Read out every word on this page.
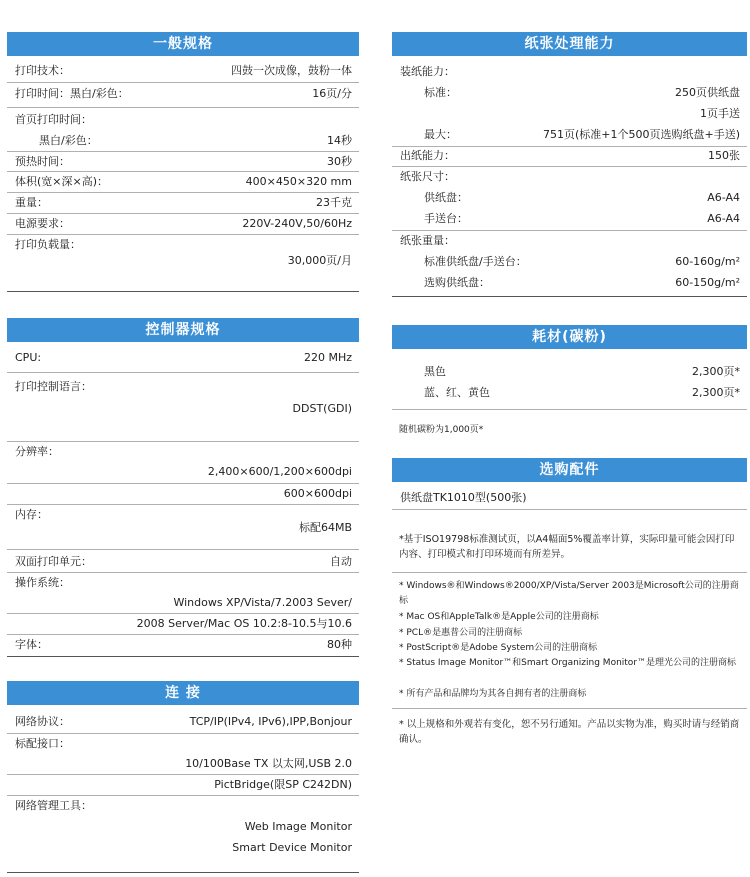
一般规格
打印技术：	四鼓一次成像，鼓粉一体
打印时间：黑白/彩色：	16页/分
首页打印时间：
黑白/彩色：	14秒
预热时间：	30秒
体积(宽×深×高)：	400×450×320 mm
重量：	23千克
电源要求：	220V-240V,50/60Hz
打印负载量：
30,000页/月
控制器规格
CPU:	220 MHz
打印控制语言：
DDST(GDI)
分辨率：
2,400×600/1,200×600dpi
600×600dpi
内存：
标配64MB
双面打印单元：	自动
操作系统：
Windows XP/Vista/7.2003 Sever/
2008 Server/Mac OS 10.2:8-10.5与10.6
字体：	80种
连 接
网络协议：	TCP/IP(IPv4, IPv6),IPP,Bonjour
标配接口：
10/100Base TX 以太网,USB 2.0
PictBridge(限SP C242DN)
网络管理工具：
Web Image Monitor
Smart Device Monitor
纸张处理能力
装纸能力：
标准：	250页供纸盘
1页手送
最大：	751页(标准+1个500页选购纸盘+手送)
出纸能力：	150张
纸张尺寸：
供纸盘：	A6-A4
手送台：	A6-A4
纸张重量：
标准供纸盘/手送台：	60-160g/m²
选购供纸盘：	60-150g/m²
耗材(碳粉)
黑色	2,300页*
蓝、红、黄色	2,300页*
随机碳粉为1,000页*
选购配件
供纸盘TK1010型(500张)
*基于ISO19798标准测试页，以A4幅面5%覆盖率计算，实际印量可能会因打印内容、打印模式和打印环境而有所差异。
* Windows®和Windows®2000/XP/Vista/Server 2003是Microsoft公司的注册商标
* Mac OS和AppleTalk®是Apple公司的注册商标
* PCL®是惠普公司的注册商标
* PostScript®是Adobe System公司的注册商标
* Status Image Monitor™和Smart Organizing Monitor™是理光公司的注册商标
* 所有产品和品牌均为其各自拥有者的注册商标
* 以上规格和外观若有变化，恕不另行通知。产品以实物为准，购买时请与经销商确认。
